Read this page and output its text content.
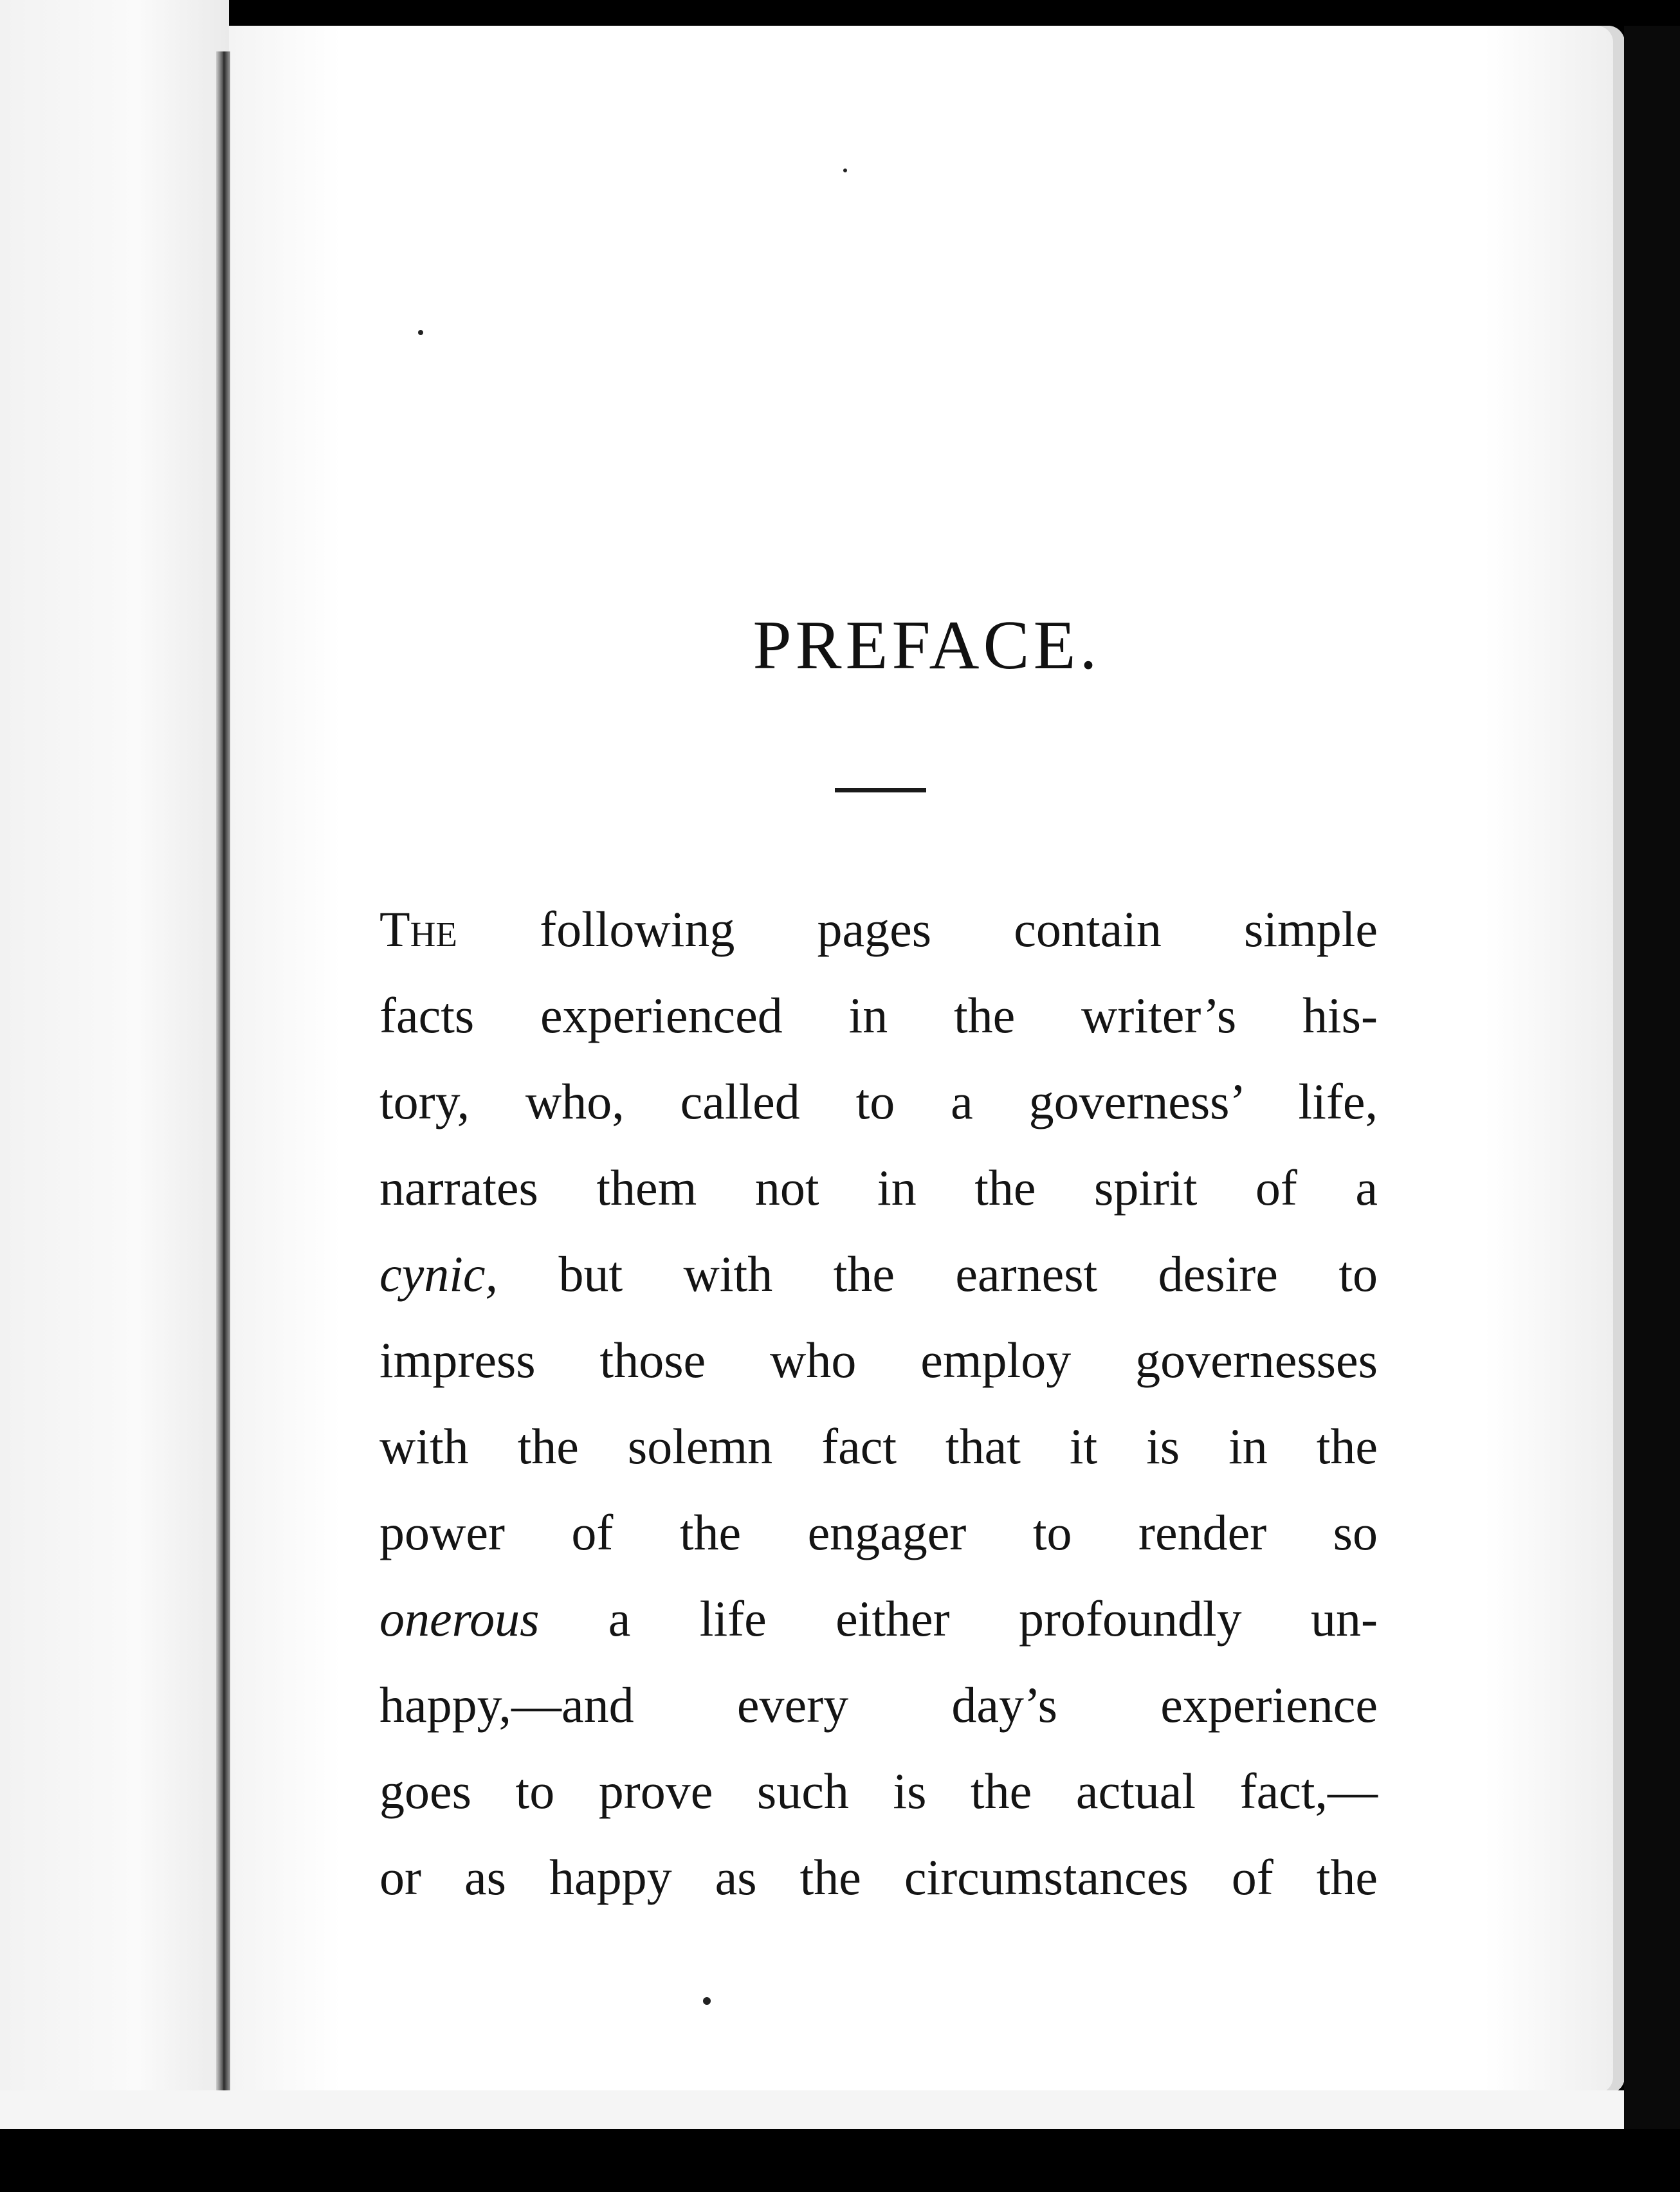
PREFACE.
The following pages contain simple
facts experienced in the writer’s his-
tory, who, called to a governess’ life,
narrates them not in the spirit of a
cynic, but with the earnest desire to
impress those who employ governesses
with the solemn fact that it is in the
power of the engager to render so
onerous a life either profoundly un-
happy,—and every day’s experience
goes to prove such is the actual fact,—
or as happy as the circumstances of the
